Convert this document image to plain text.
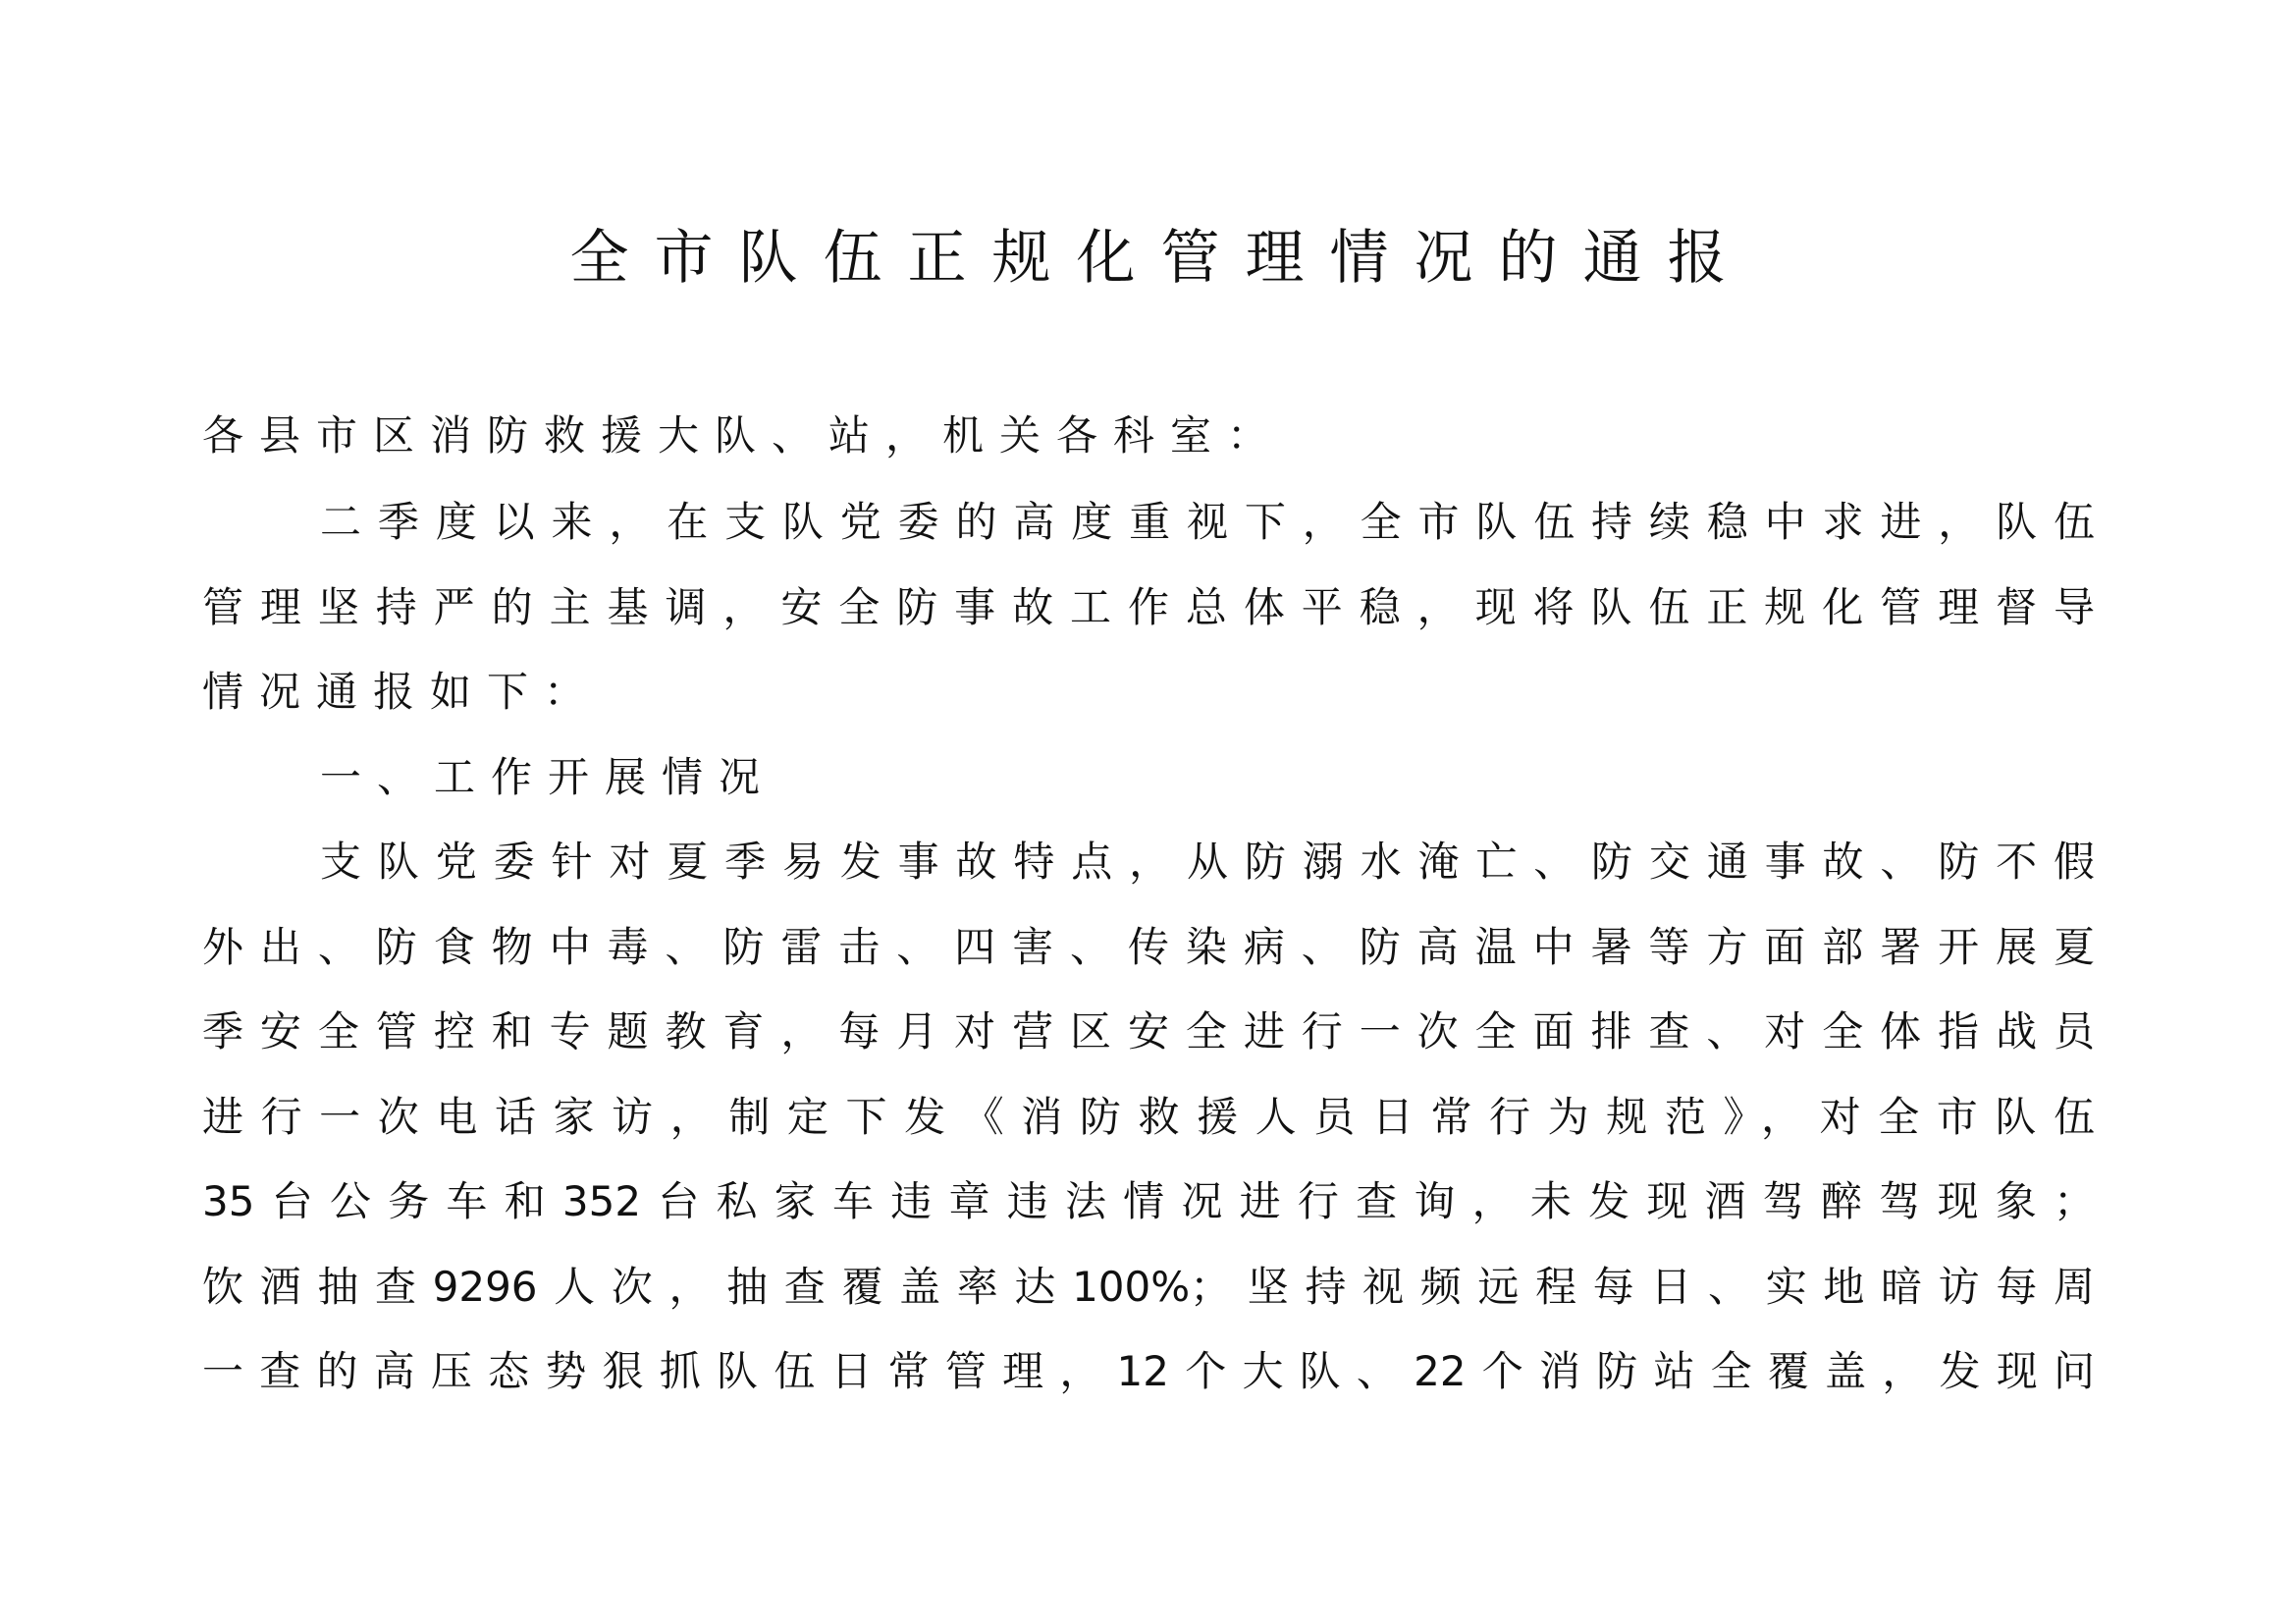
全市队伍正规化管理情况的通报
各县市区消防救援大队、站，机关各科室：
二季度以来，在支队党委的高度重视下，全市队伍持续稳中求进，队伍
管理坚持严的主基调，安全防事故工作总体平稳，现将队伍正规化管理督导
情况通报如下：
一、工作开展情况
支队党委针对夏季易发事故特点，从防溺水淹亡、防交通事故、防不假
外出、防食物中毒、防雷击、四害、传染病、防高温中暑等方面部署开展夏
季安全管控和专题教育，每月对营区安全进行一次全面排查、对全体指战员
进行一次电话家访，制定下发《消防救援人员日常行为规范》，对全市队伍
35台公务车和352台私家车违章违法情况进行查询，未发现酒驾醉驾现象；
饮酒抽查9296人次，抽查覆盖率达100%；坚持视频远程每日、实地暗访每周
一查的高压态势狠抓队伍日常管理，12个大队、22个消防站全覆盖，发现问
